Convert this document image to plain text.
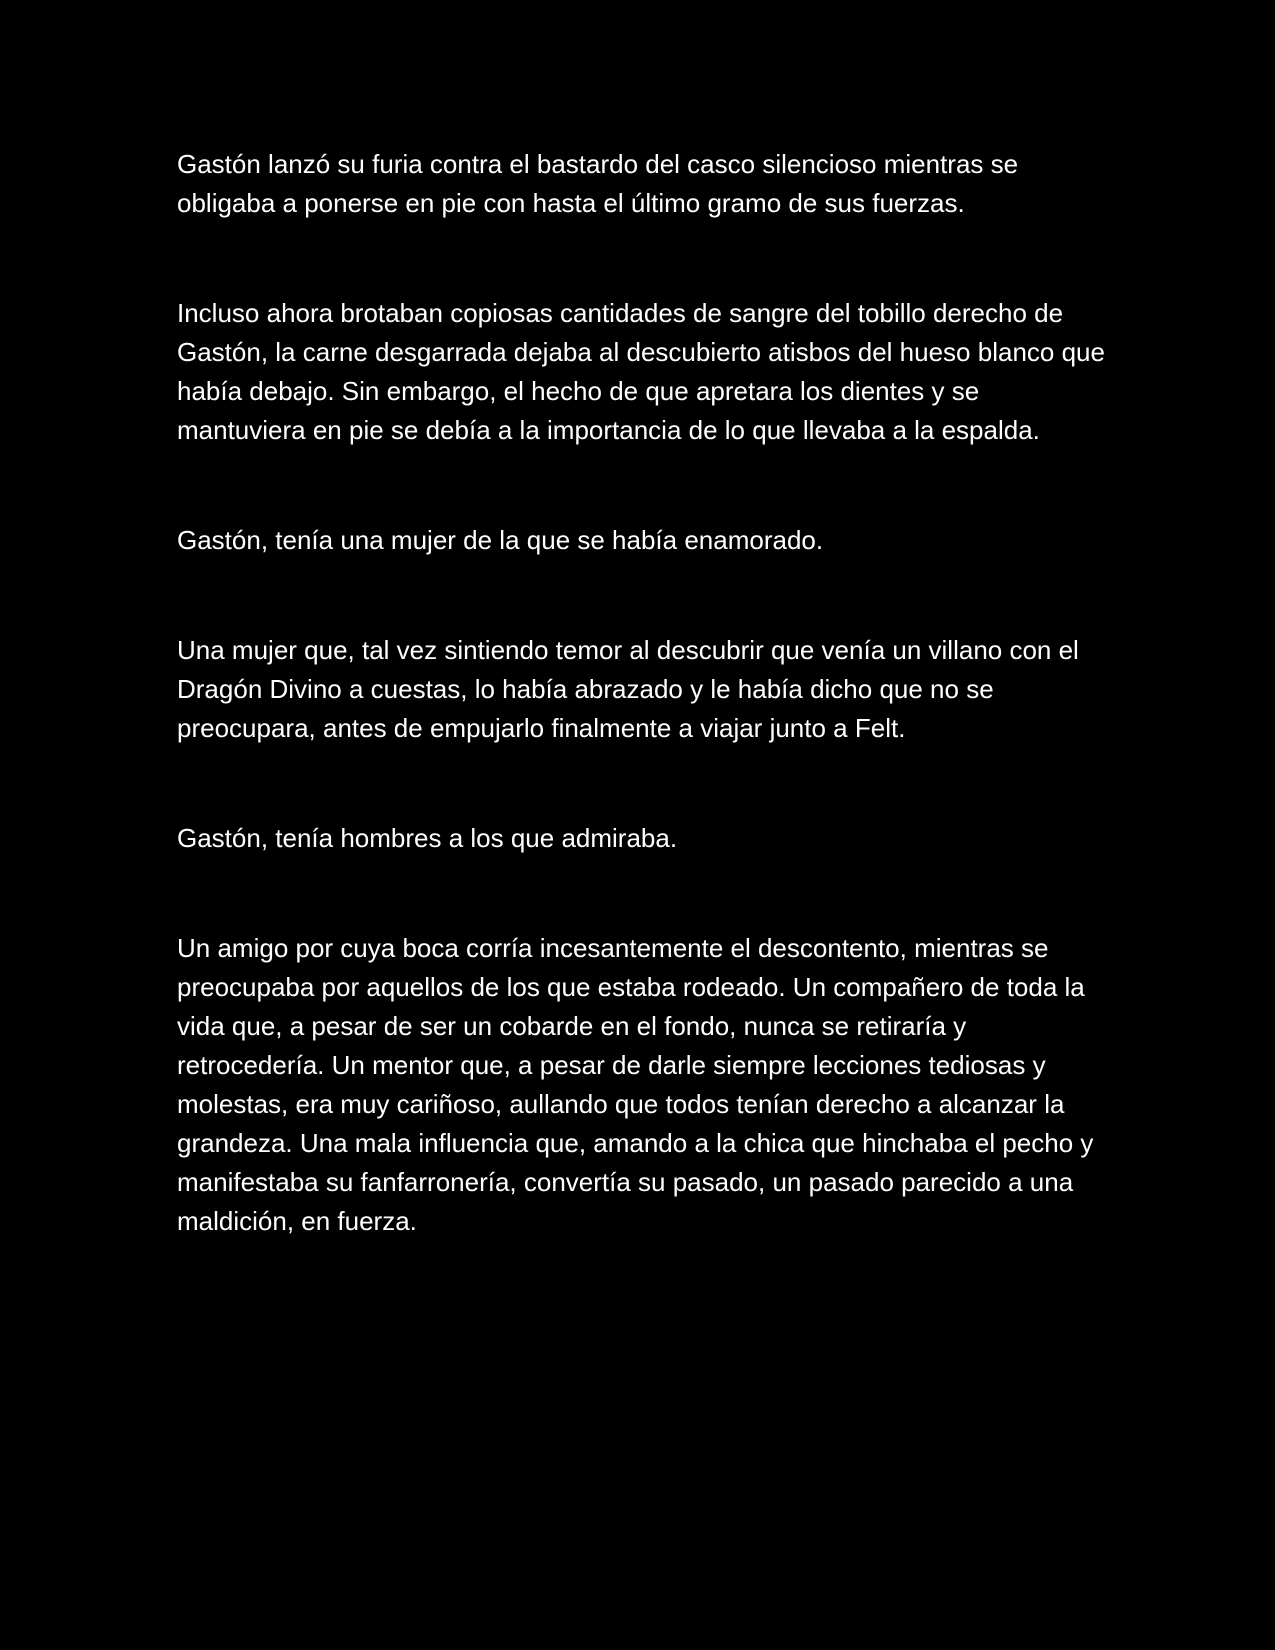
Gastón lanzó su furia contra el bastardo del casco silencioso mientras se obligaba a ponerse en pie con hasta el último gramo de sus fuerzas.

Incluso ahora brotaban copiosas cantidades de sangre del tobillo derecho de Gastón, la carne desgarrada dejaba al descubierto atisbos del hueso blanco que había debajo. Sin embargo, el hecho de que apretara los dientes y se mantuviera en pie se debía a la importancia de lo que llevaba a la espalda.

Gastón, tenía una mujer de la que se había enamorado.

Una mujer que, tal vez sintiendo temor al descubrir que venía un villano con el Dragón Divino a cuestas, lo había abrazado y le había dicho que no se preocupara, antes de empujarlo finalmente a viajar junto a Felt.

Gastón, tenía hombres a los que admiraba.

Un amigo por cuya boca corría incesantemente el descontento, mientras se preocupaba por aquellos de los que estaba rodeado. Un compañero de toda la vida que, a pesar de ser un cobarde en el fondo, nunca se retiraría y retrocedería. Un mentor que, a pesar de darle siempre lecciones tediosas y molestas, era muy cariñoso, aullando que todos tenían derecho a alcanzar la grandeza. Una mala influencia que, amando a la chica que hinchaba el pecho y manifestaba su fanfarronería, convertía su pasado, un pasado parecido a una maldición, en fuerza.
